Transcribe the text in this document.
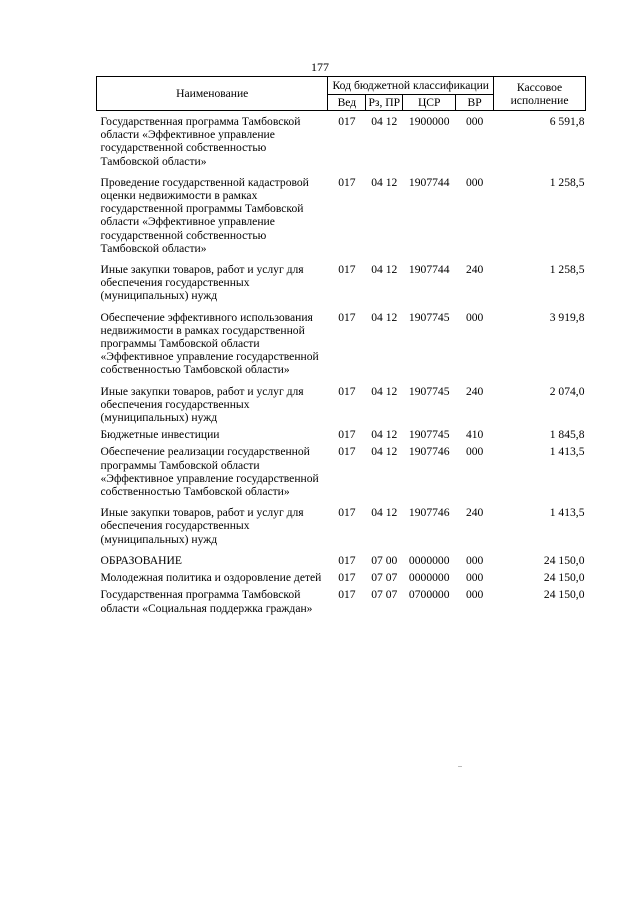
177
Наименование	Код бюджетной классификации				Кассовое исполнение
	Вед	Рз, ПР	ЦСР	ВР	
Государственная программа Тамбовской области «Эффективное управление государственной собственностью Тамбовской области»	017	04 12	1900000	000	6 591,8
Проведение государственной кадастровой оценки недвижимости в рамках государственной программы Тамбовской области «Эффективное управление государственной собственностью Тамбовской области»	017	04 12	1907744	000	1 258,5
Иные закупки товаров, работ и услуг для обеспечения государственных (муниципальных) нужд	017	04 12	1907744	240	1 258,5
Обеспечение эффективного использования недвижимости в рамках государственной программы Тамбовской области «Эффективное управление государственной собственностью Тамбовской области»	017	04 12	1907745	000	3 919,8
Иные закупки товаров, работ и услуг для обеспечения государственных (муниципальных) нужд	017	04 12	1907745	240	2 074,0
Бюджетные инвестиции	017	04 12	1907745	410	1 845,8
Обеспечение реализации государственной программы Тамбовской области «Эффективное управление государственной собственностью Тамбовской области»	017	04 12	1907746	000	1 413,5
Иные закупки товаров, работ и услуг для обеспечения государственных (муниципальных) нужд	017	04 12	1907746	240	1 413,5
ОБРАЗОВАНИЕ	017	07 00	0000000	000	24 150,0
Молодежная политика и оздоровление детей	017	07 07	0000000	000	24 150,0
Государственная программа Тамбовской области «Социальная поддержка граждан»	017	07 07	0700000	000	24 150,0
